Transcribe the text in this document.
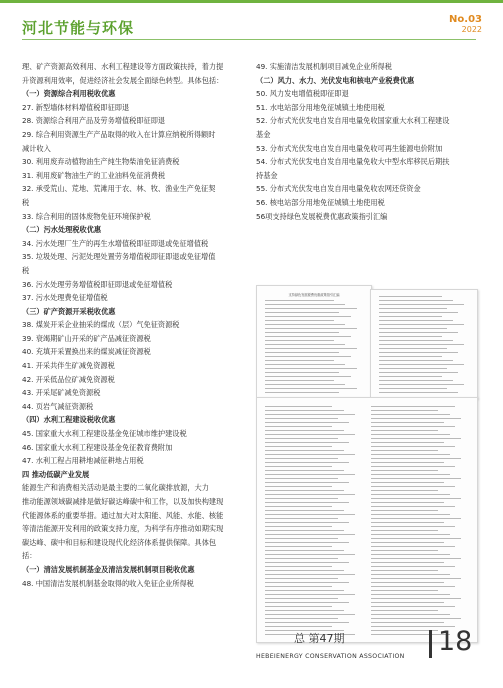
河北节能与环保	No.03
2022

理、矿产资源高效利用、水利工程建设等方面政策扶持，着力提

升资源利用效率，促进经济社会发展全面绿色转型。具体包括：

（一）资源综合利用税收优惠

27. 新型墙体材料增值税即征即退

28. 资源综合利用产品及劳务增值税即征即退

29. 综合利用资源生产产品取得的收入在计算应纳税所得额时

减计收入

30. 利用废弃动植物油生产纯生物柴油免征消费税

31. 利用废矿物油生产的工业油料免征消费税

32. 承受荒山、荒地、荒滩用于农、林、牧、渔业生产免征契

税

33. 综合利用的固体废物免征环境保护税

（二）污水处理税收优惠

34. 污水处理厂生产的再生水增值税即征即退或免征增值税

35. 垃圾处理、污泥处理处置劳务增值税即征即退或免征增值

税

36. 污水处理劳务增值税即征即退或免征增值税

37. 污水处理费免征增值税

（三）矿产资源开采税收优惠

38. 煤炭开采企业抽采的煤成（层）气免征资源税

39. 衰竭期矿山开采的矿产品减征资源税

40. 充填开采置换出来的煤炭减征资源税

41. 开采共伴生矿减免资源税

42. 开采低品位矿减免资源税

43. 开采尾矿减免资源税

44. 页岩气减征资源税

（四）水利工程建设税收优惠

45. 国家重大水利工程建设基金免征城市维护建设税

46. 国家重大水利工程建设基金免征教育费附加

47. 水利工程占用耕地减征耕地占用税

四 推动低碳产业发展

能源生产和消费相关活动是最主要的二氧化碳排放源，大力

推动能源领域碳减排是做好碳达峰碳中和工作，以及加快构建现

代能源体系的重要举措。通过加大对太阳能、风能、水能、核能

等清洁能源开发利用的政策支持力度，为科学有序推动如期实现

碳达峰、碳中和目标和建设现代化经济体系提供保障。具体包

括：

（一）清洁发展机制基金及清洁发展机制项目税收优惠

48. 中国清洁发展机制基金取得的收入免征企业所得税

49. 实施清洁发展机制项目减免企业所得税

（二）风力、水力、光伏发电和核电产业税费优惠

50. 风力发电增值税即征即退

51. 水电站部分用地免征城镇土地使用税

52. 分布式光伏发电自发自用电量免收国家重大水利工程建设

基金

53. 分布式光伏发电自发自用电量免收可再生能源电价附加

54. 分布式光伏发电自发自用电量免收大中型水库移民后期扶

持基金

55. 分布式光伏发电自发自用电量免收农网还贷资金

56. 核电站部分用地免征城镇土地使用税

56项支持绿色发展税费优惠政策指引汇编

支持绿色发展税费优惠政策指引汇编
总 第47期
HEBEIENERGY CONSERVATION ASSOCIATION 18
